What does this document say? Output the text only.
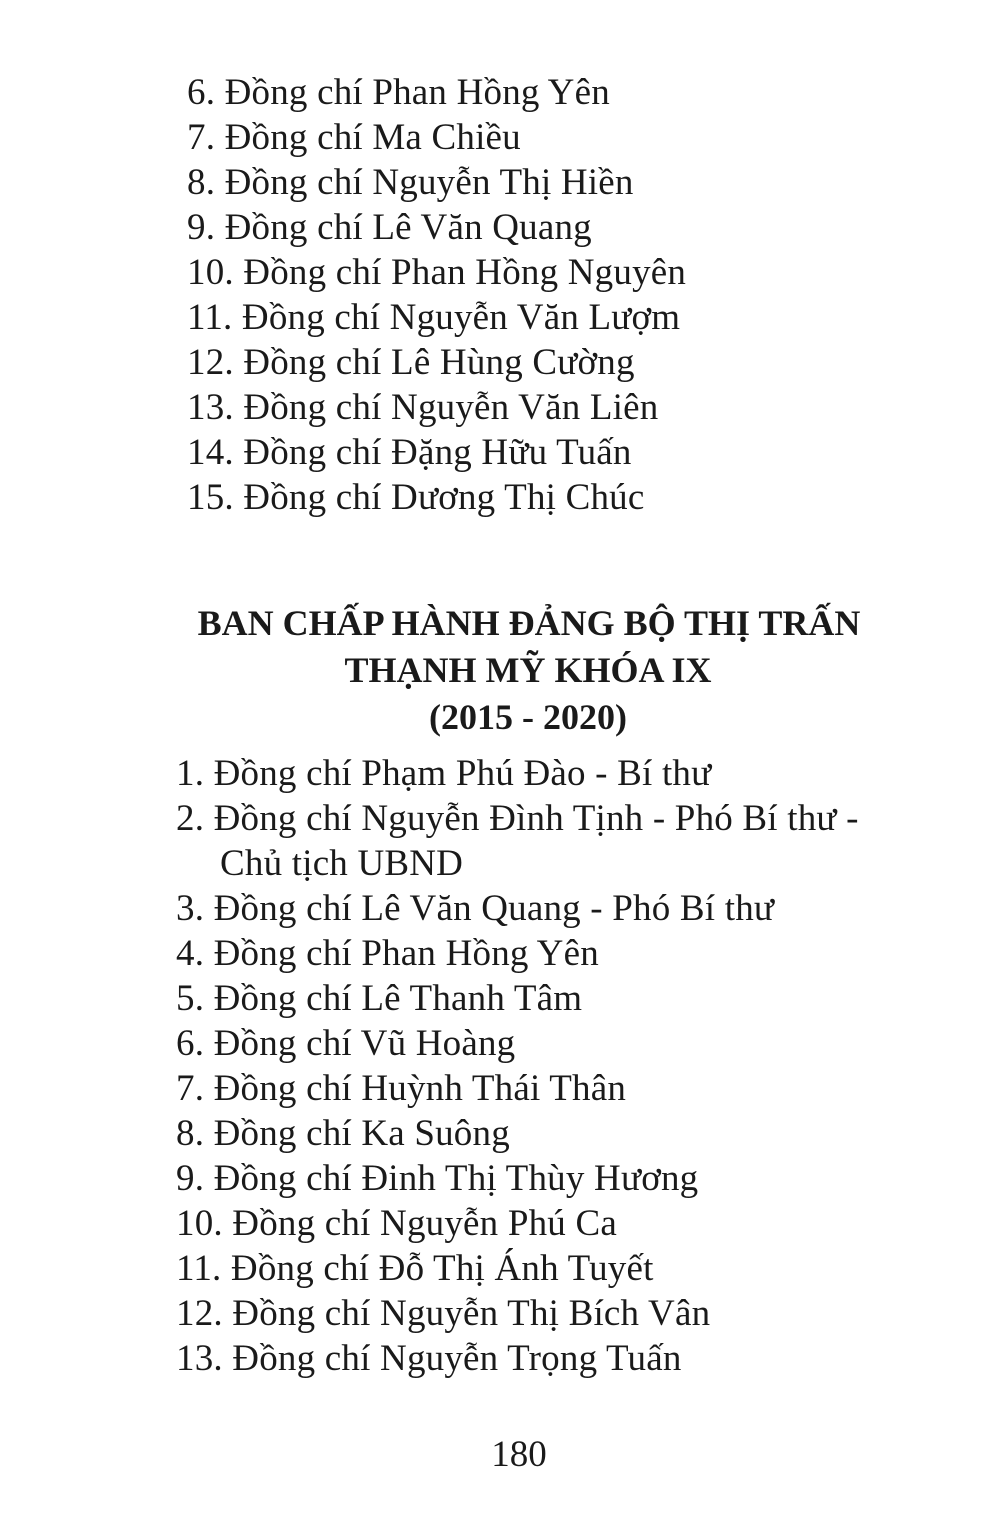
6. Đồng chí Phan Hồng Yên
7. Đồng chí Ma Chiều
8. Đồng chí Nguyễn Thị Hiền
9. Đồng chí Lê Văn Quang
10. Đồng chí Phan Hồng Nguyên
11. Đồng chí Nguyễn Văn Lượm
12. Đồng chí Lê Hùng Cường
13. Đồng chí Nguyễn Văn Liên
14. Đồng chí Đặng Hữu Tuấn
15. Đồng chí Dương Thị Chúc
BAN CHẤP HÀNH ĐẢNG BỘ THỊ TRẤN
THẠNH MỸ KHÓA IX
(2015 - 2020)
1. Đồng chí Phạm Phú Đào - Bí thư
2. Đồng chí Nguyễn Đình Tịnh - Phó Bí thư -
Chủ tịch UBND
3. Đồng chí Lê Văn Quang - Phó Bí thư
4. Đồng chí Phan Hồng Yên
5. Đồng chí Lê Thanh Tâm
6. Đồng chí Vũ Hoàng
7. Đồng chí Huỳnh Thái Thân
8. Đồng chí Ka Suông
9. Đồng chí Đinh Thị Thùy Hương
10. Đồng chí Nguyễn Phú Ca
11. Đồng chí Đỗ Thị Ánh Tuyết
12. Đồng chí Nguyễn Thị Bích Vân
13. Đồng chí Nguyễn Trọng Tuấn
180
